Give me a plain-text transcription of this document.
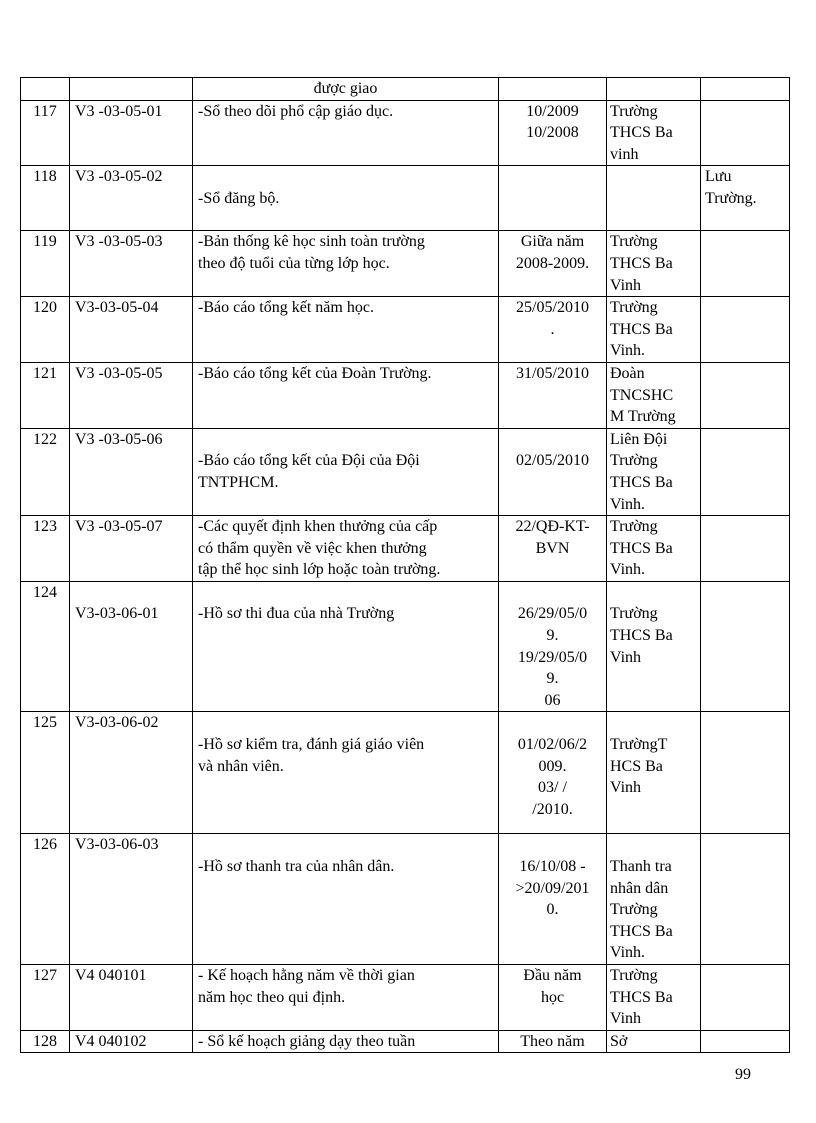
		được giao			

117	V3 -03-05-01	-Sổ theo dõi phổ cập giáo dục.	10/2009
10/2008	Trường
THCS Ba
vinh	

118	V3 -03-05-02	-Sổ đăng bộ.			Lưu
Trường.

119	V3 -03-05-03	-Bản thống kê học sinh toàn trường
theo độ tuổi của từng lớp học.	Giữa năm
2008-2009.	Trường
THCS Ba
Vinh	

120	V3-03-05-04	-Báo cáo tổng kết năm học.	25/05/2010
.	Trường
THCS Ba
Vinh.	

121	V3 -03-05-05	-Báo cáo tổng kết của Đoàn Trường.	31/05/2010	Đoàn
TNCSHC
M Trường	

122	V3 -03-05-06	-Báo cáo tổng kết của Đội của Đội
TNTPHCM.	02/05/2010	Liên Đội
Trường
THCS Ba
Vinh.	

123	V3 -03-05-07	-Các quyết định khen thưởng của cấp
có thẩm quyền về việc khen thưởng
tập thể học sinh lớp hoặc toàn trường.	22/QĐ-KT-
BVN	Trường
THCS Ba
Vinh.	

124	V3-03-06-01	-Hồ sơ thi đua của nhà Trường	26/29/05/0
9.
19/29/05/0
9.
06	Trường
THCS Ba
Vinh	

125	V3-03-06-02	-Hồ sơ kiểm tra, đánh giá giáo viên
và nhân viên.	01/02/06/2
009.
03/ /
/2010.	TrườngT
HCS Ba
Vinh	

126	V3-03-06-03	-Hồ sơ thanh tra của nhân dân.	16/10/08 -
>20/09/201
0.	Thanh tra
nhân dân
Trường
THCS Ba
Vinh.	

127	V4 040101	- Kế hoạch hằng năm về thời gian
năm học theo qui định.	Đầu năm
học	Trường
THCS Ba
Vinh	

128	V4 040102	- Sổ kế hoạch giảng dạy theo tuần	Theo năm	Sở	

99
